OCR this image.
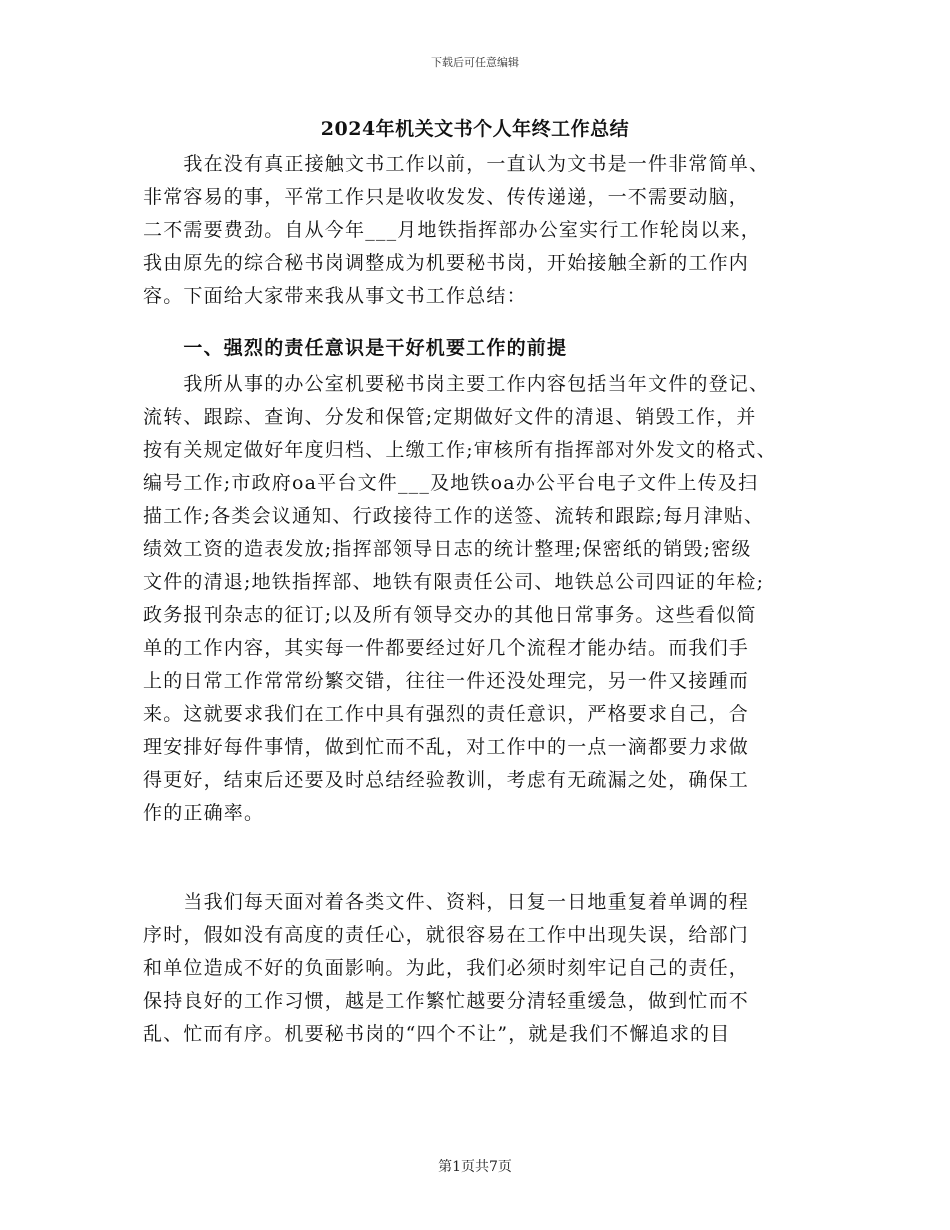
下载后可任意编辑
2024年机关文书个人年终工作总结
　　我在没有真正接触文书工作以前，一直认为文书是一件非常简单、
非常容易的事，平常工作只是收收发发、传传递递，一不需要动脑，
二不需要费劲。自从今年___月地铁指挥部办公室实行工作轮岗以来，
我由原先的综合秘书岗调整成为机要秘书岗，开始接触全新的工作内
容。下面给大家带来我从事文书工作总结：
　　一、强烈的责任意识是干好机要工作的前提
　　我所从事的办公室机要秘书岗主要工作内容包括当年文件的登记、
流转、跟踪、查询、分发和保管;定期做好文件的清退、销毁工作，并
按有关规定做好年度归档、上缴工作;审核所有指挥部对外发文的格式、
编号工作;市政府oa平台文件___及地铁oa办公平台电子文件上传及扫
描工作;各类会议通知、行政接待工作的送签、流转和跟踪;每月津贴、
绩效工资的造表发放;指挥部领导日志的统计整理;保密纸的销毁;密级
文件的清退;地铁指挥部、地铁有限责任公司、地铁总公司四证的年检;
政务报刊杂志的征订;以及所有领导交办的其他日常事务。这些看似简
单的工作内容，其实每一件都要经过好几个流程才能办结。而我们手
上的日常工作常常纷繁交错，往往一件还没处理完，另一件又接踵而
来。这就要求我们在工作中具有强烈的责任意识，严格要求自己，合
理安排好每件事情，做到忙而不乱，对工作中的一点一滴都要力求做
得更好，结束后还要及时总结经验教训，考虑有无疏漏之处，确保工
作的正确率。
　　当我们每天面对着各类文件、资料，日复一日地重复着单调的程
序时，假如没有高度的责任心，就很容易在工作中出现失误，给部门
和单位造成不好的负面影响。为此，我们必须时刻牢记自己的责任，
保持良好的工作习惯，越是工作繁忙越要分清轻重缓急，做到忙而不
乱、忙而有序。机要秘书岗的“四个不让”，就是我们不懈追求的目
第1页共7页
